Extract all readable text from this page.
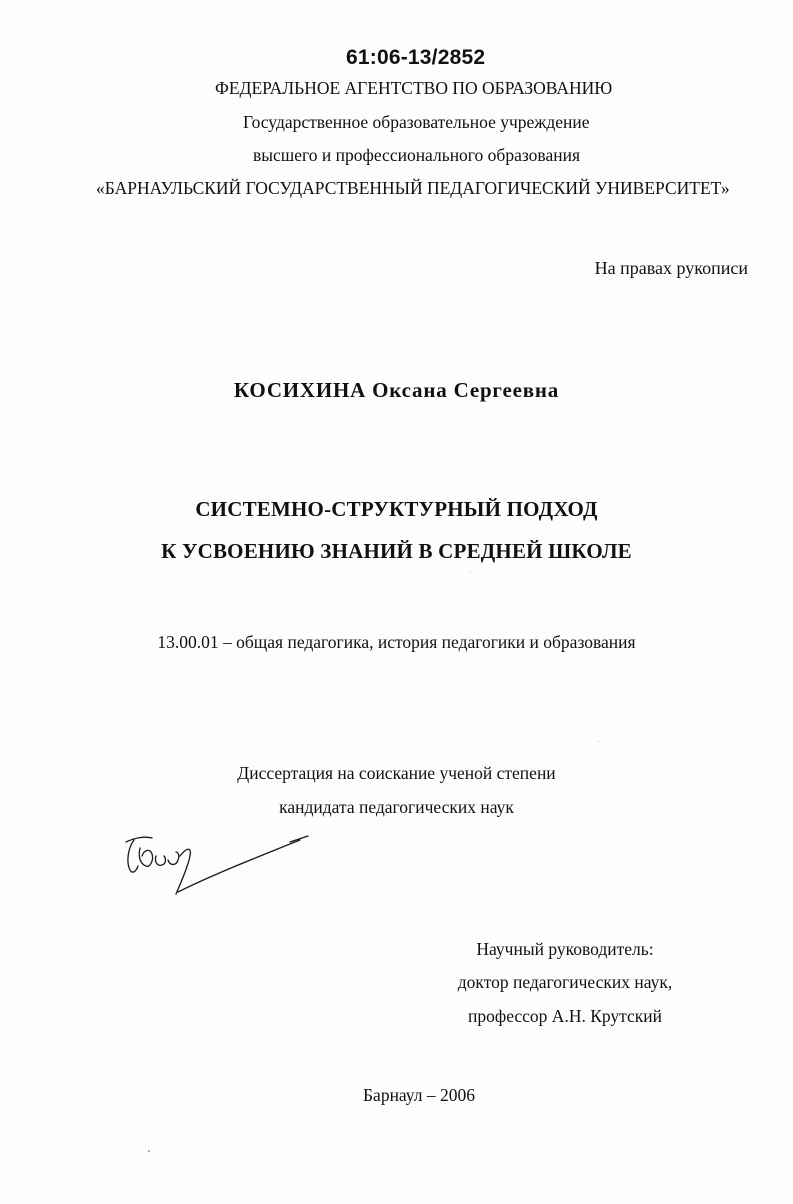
61:06-13/2852
ФЕДЕРАЛЬНОЕ АГЕНТСТВО ПО ОБРАЗОВАНИЮ
Государственное образовательное учреждение
высшего и профессионального образования
«БАРНАУЛЬСКИЙ ГОСУДАРСТВЕННЫЙ ПЕДАГОГИЧЕСКИЙ УНИВЕРСИТЕТ»
На правах рукописи
КОСИХИНА Оксана Сергеевна
СИСТЕМНО-СТРУКТУРНЫЙ ПОДХОД
К УСВОЕНИЮ ЗНАНИЙ В СРЕДНЕЙ ШКОЛЕ
13.00.01 – общая педагогика, история педагогики и образования
Диссертация на соискание ученой степени
кандидата педагогических наук
Научный руководитель:
доктор педагогических наук,
профессор А.Н. Крутский
Барнаул – 2006
